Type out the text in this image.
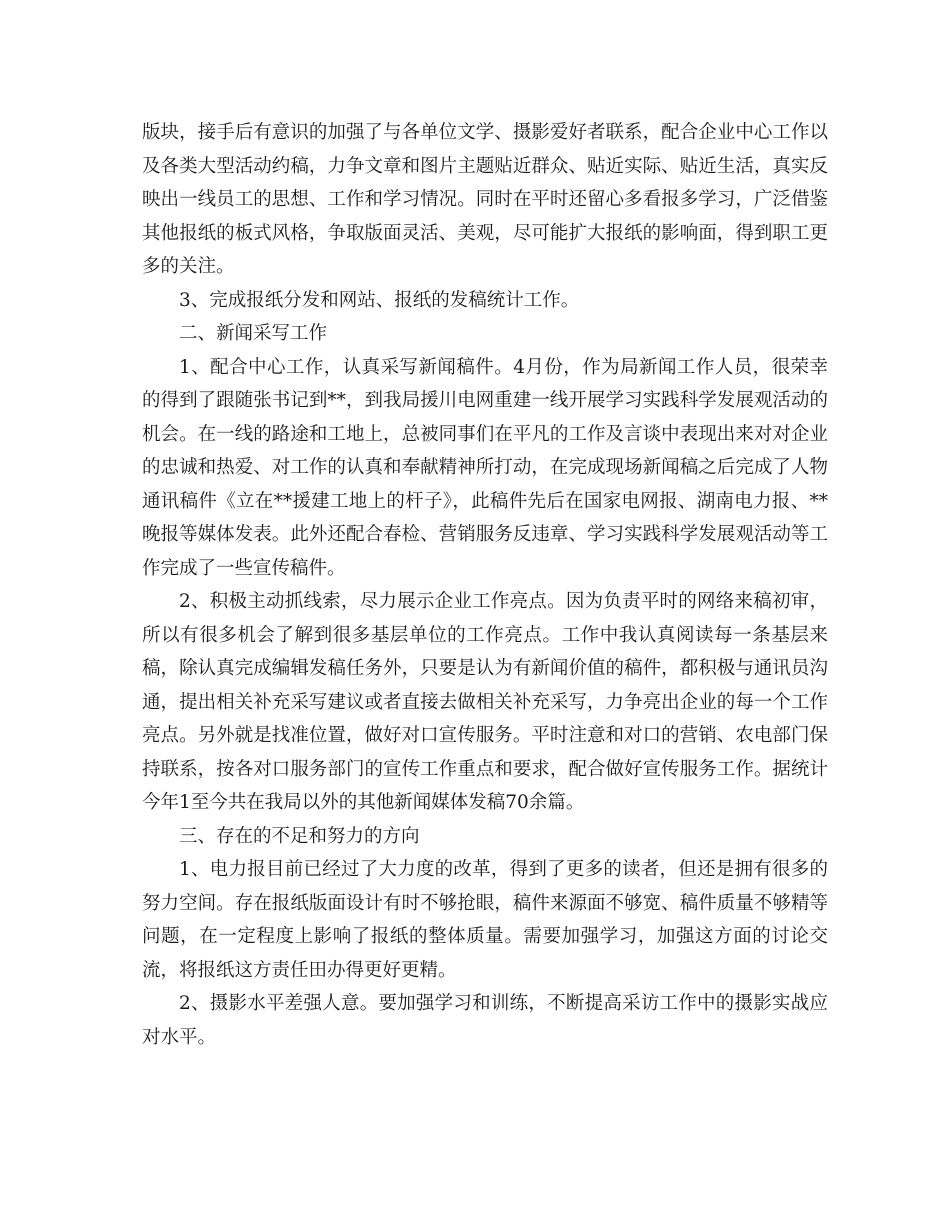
版块，接手后有意识的加强了与各单位文学、摄影爱好者联系，配合企业中心工作以及各类大型活动约稿，力争文章和图片主题贴近群众、贴近实际、贴近生活，真实反映出一线员工的思想、工作和学习情况。同时在平时还留心多看报多学习，广泛借鉴其他报纸的板式风格，争取版面灵活、美观，尽可能扩大报纸的影响面，得到职工更多的关注。

3、完成报纸分发和网站、报纸的发稿统计工作。

二、新闻采写工作

1、配合中心工作，认真采写新闻稿件。4月份，作为局新闻工作人员，很荣幸的得到了跟随张书记到**，到我局援川电网重建一线开展学习实践科学发展观活动的机会。在一线的路途和工地上，总被同事们在平凡的工作及言谈中表现出来对对企业的忠诚和热爱、对工作的认真和奉献精神所打动，在完成现场新闻稿之后完成了人物通讯稿件《立在**援建工地上的杆子》，此稿件先后在国家电网报、湖南电力报、**晚报等媒体发表。此外还配合春检、营销服务反违章、学习实践科学发展观活动等工作完成了一些宣传稿件。

2、积极主动抓线索，尽力展示企业工作亮点。因为负责平时的网络来稿初审，所以有很多机会了解到很多基层单位的工作亮点。工作中我认真阅读每一条基层来稿，除认真完成编辑发稿任务外，只要是认为有新闻价值的稿件，都积极与通讯员沟通，提出相关补充采写建议或者直接去做相关补充采写，力争亮出企业的每一个工作亮点。另外就是找准位置，做好对口宣传服务。平时注意和对口的营销、农电部门保持联系，按各对口服务部门的宣传工作重点和要求，配合做好宣传服务工作。据统计今年1至今共在我局以外的其他新闻媒体发稿70余篇。

三、存在的不足和努力的方向

1、电力报目前已经过了大力度的改革，得到了更多的读者，但还是拥有很多的努力空间。存在报纸版面设计有时不够抢眼，稿件来源面不够宽、稿件质量不够精等问题，在一定程度上影响了报纸的整体质量。需要加强学习，加强这方面的讨论交流，将报纸这方责任田办得更好更精。

2、摄影水平差强人意。要加强学习和训练，不断提高采访工作中的摄影实战应对水平。
